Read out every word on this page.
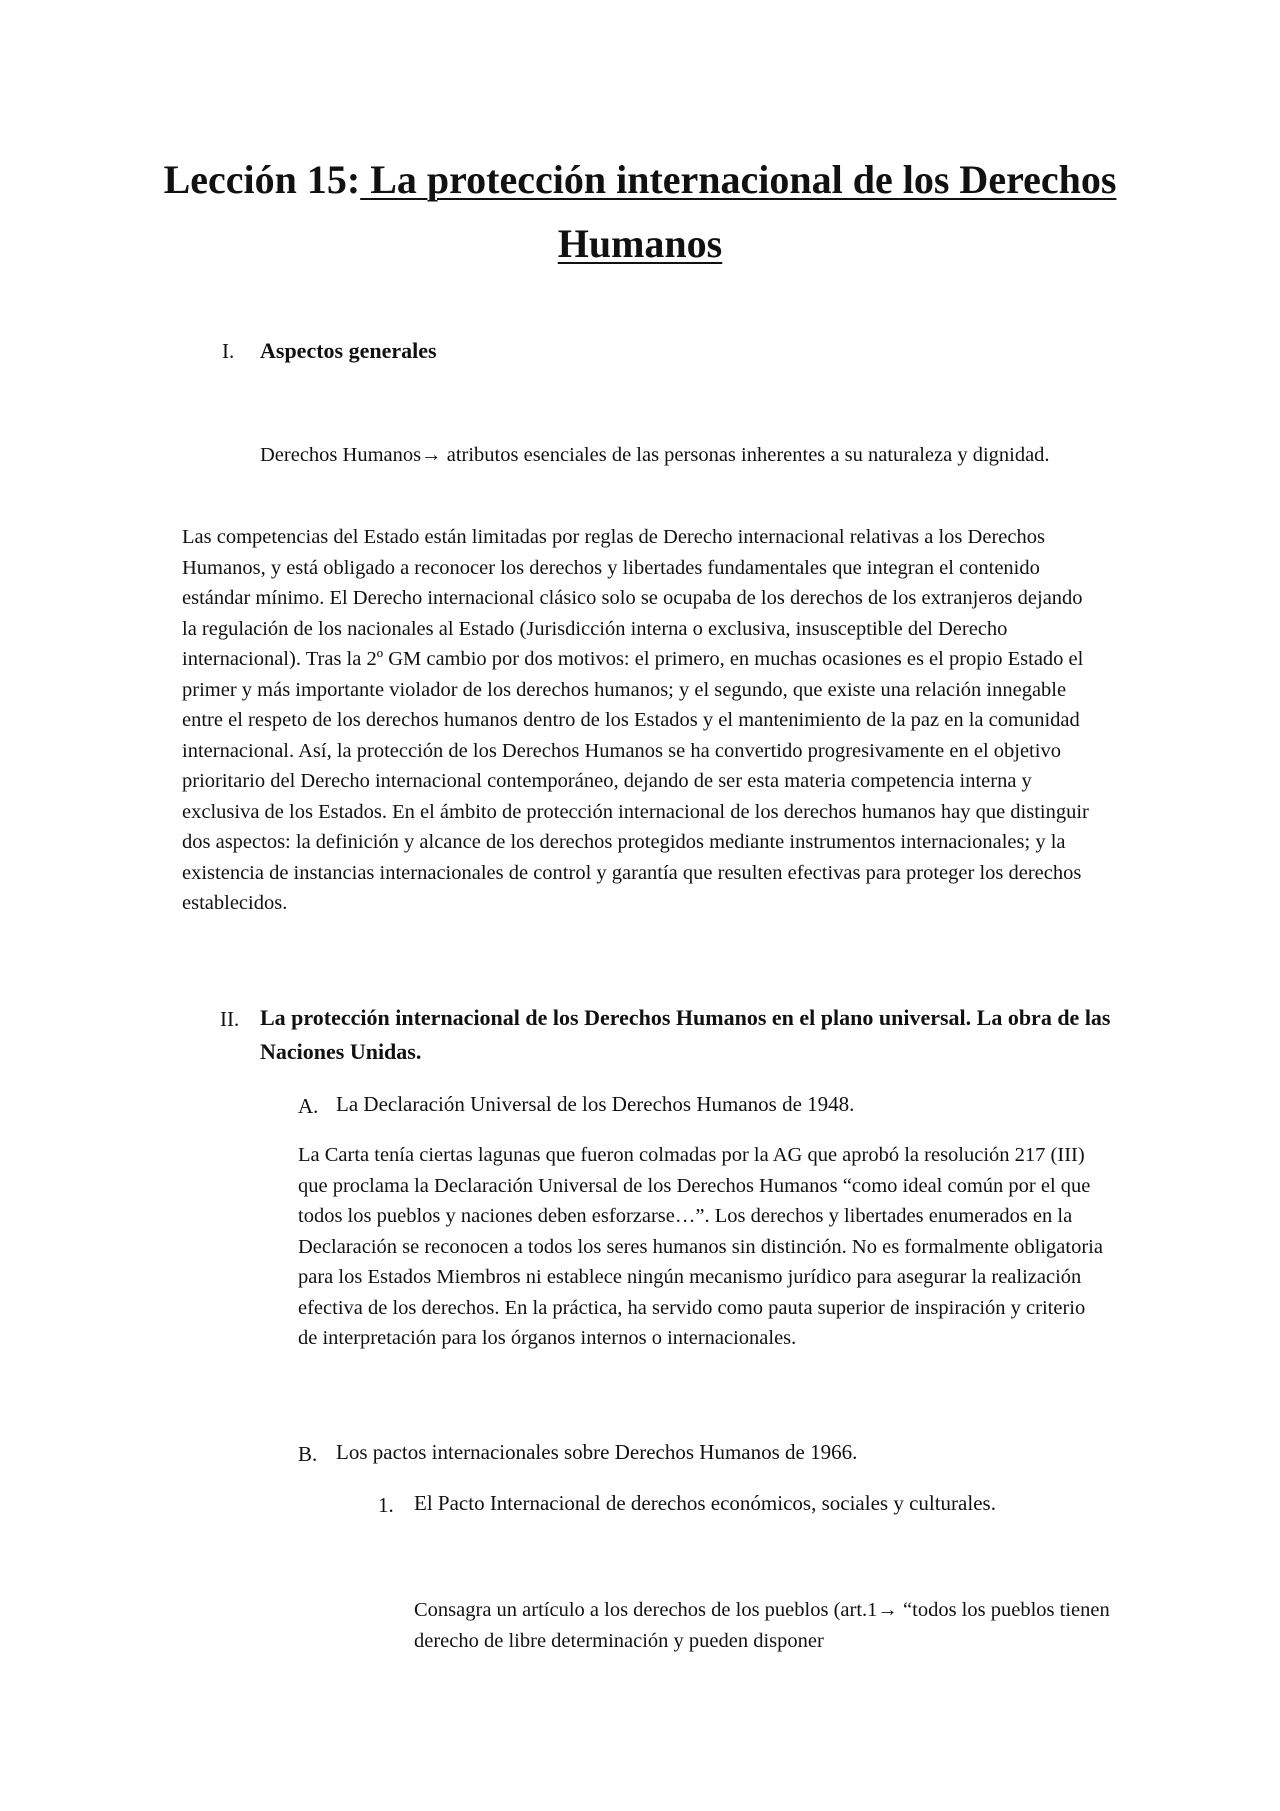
Lección 15: La protección internacional de los Derechos Humanos
I. Aspectos generales

Derechos Humanos→ atributos esenciales de las personas inherentes a su naturaleza y dignidad.

Las competencias del Estado están limitadas por reglas de Derecho internacional relativas a los Derechos Humanos, y está obligado a reconocer los derechos y libertades fundamentales que integran el contenido estándar mínimo. El Derecho internacional clásico solo se ocupaba de los derechos de los extranjeros dejando la regulación de los nacionales al Estado (Jurisdicción interna o exclusiva, insusceptible del Derecho internacional). Tras la 2º GM cambio por dos motivos: el primero, en muchas ocasiones es el propio Estado el primer y más importante violador de los derechos humanos; y el segundo, que existe una relación innegable entre el respeto de los derechos humanos dentro de los Estados y el mantenimiento de la paz en la comunidad internacional. Así, la protección de los Derechos Humanos se ha convertido progresivamente en el objetivo prioritario del Derecho internacional contemporáneo, dejando de ser esta materia competencia interna y exclusiva de los Estados. En el ámbito de protección internacional de los derechos humanos hay que distinguir dos aspectos: la definición y alcance de los derechos protegidos mediante instrumentos internacionales; y la existencia de instancias internacionales de control y garantía que resulten efectivas para proteger los derechos establecidos.

II. La protección internacional de los Derechos Humanos en el plano universal. La obra de las Naciones Unidas.

A. La Declaración Universal de los Derechos Humanos de 1948.

La Carta tenía ciertas lagunas que fueron colmadas por la AG que aprobó la resolución 217 (III) que proclama la Declaración Universal de los Derechos Humanos “como ideal común por el que todos los pueblos y naciones deben esforzarse…”. Los derechos y libertades enumerados en la Declaración se reconocen a todos los seres humanos sin distinción. No es formalmente obligatoria para los Estados Miembros ni establece ningún mecanismo jurídico para asegurar la realización efectiva de los derechos. En la práctica, ha servido como pauta superior de inspiración y criterio de interpretación para los órganos internos o internacionales.

B. Los pactos internacionales sobre Derechos Humanos de 1966.

1. El Pacto Internacional de derechos económicos, sociales y culturales.

Consagra un artículo a los derechos de los pueblos (art.1→ “todos los pueblos tienen derecho de libre determinación y pueden disponer
